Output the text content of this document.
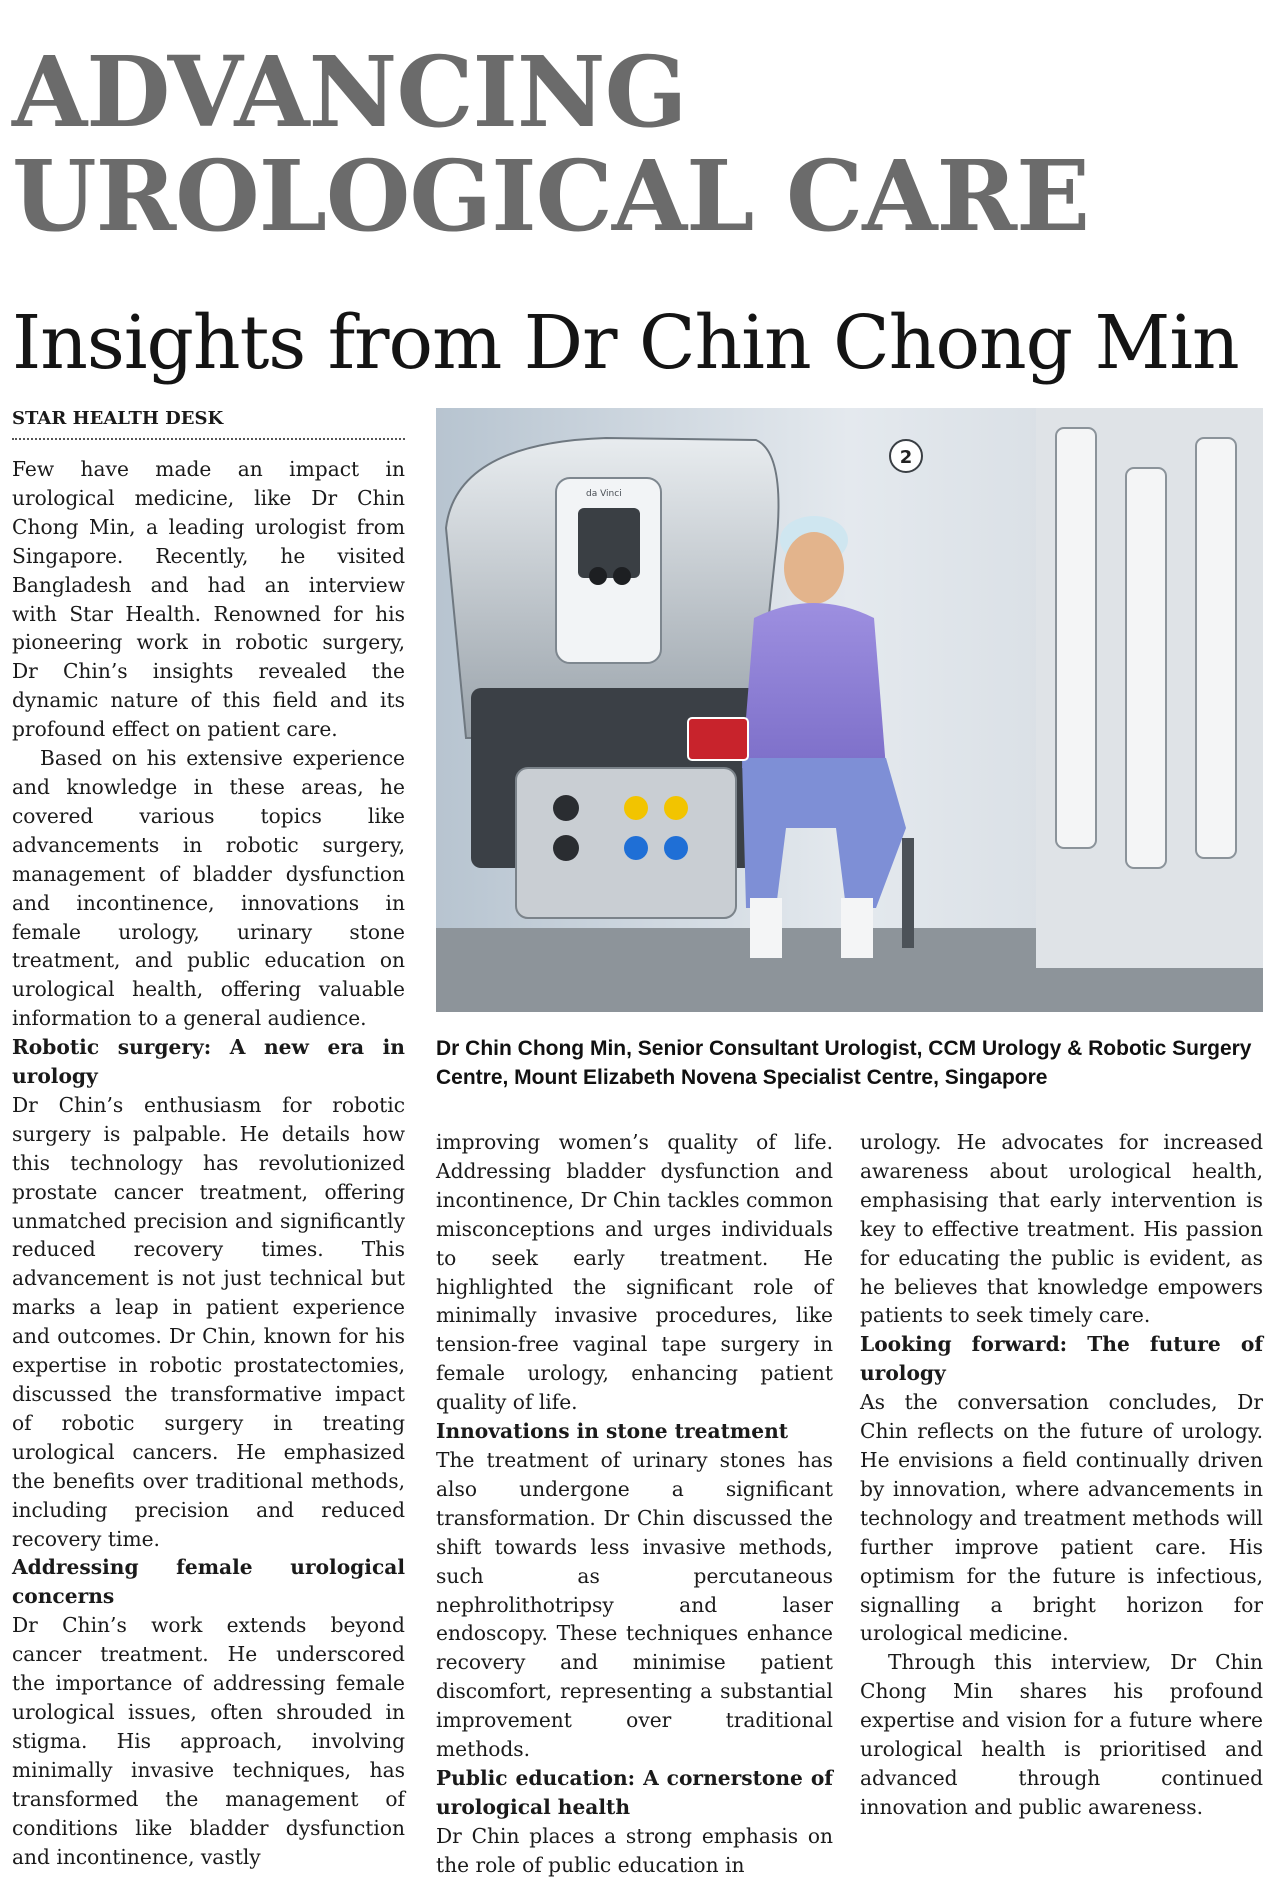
ADVANCING
UROLOGICAL CARE
Insights from Dr Chin Chong Min
STAR HEALTH DESK

Few have made an impact in urological medicine, like Dr Chin Chong Min, a leading urologist from Singapore. Recently, he visited Bangladesh and had an interview with Star Health. Renowned for his pioneering work in robotic surgery, Dr Chin’s insights revealed the dynamic nature of this field and its profound effect on patient care.

Based on his extensive experience and knowledge in these areas, he covered various topics like advancements in robotic surgery, management of bladder dysfunction and incontinence, innovations in female urology, urinary stone treatment, and public education on urological health, offering valuable information to a general audience.

Robotic surgery: A new era in urology

Dr Chin’s enthusiasm for robotic surgery is palpable. He details how this technology has revolutionized prostate cancer treatment, offering unmatched precision and significantly reduced recovery times. This advancement is not just technical but marks a leap in patient experience and outcomes. Dr Chin, known for his expertise in robotic prostatectomies, discussed the transformative impact of robotic surgery in treating urological cancers. He emphasized the benefits over traditional methods, including precision and reduced recovery time.

Addressing female urological concerns

Dr Chin’s work extends beyond cancer treatment. He underscored the importance of addressing female urological issues, often shrouded in stigma. His approach, involving minimally invasive techniques, has transformed the management of conditions like bladder dysfunction and incontinence, vastly

da Vinci
2
Dr Chin Chong Min, Senior Consultant Urologist, CCM Urology & Robotic Surgery Centre, Mount Elizabeth Novena Specialist Centre, Singapore

improving women’s quality of life. Addressing bladder dysfunction and incontinence, Dr Chin tackles common misconceptions and urges individuals to seek early treatment. He highlighted the significant role of minimally invasive procedures, like tension-free vaginal tape surgery in female urology, enhancing patient quality of life.

Innovations in stone treatment

The treatment of urinary stones has also undergone a significant transformation. Dr Chin discussed the shift towards less invasive methods, such as percutaneous nephrolithotripsy and laser endoscopy. These techniques enhance recovery and minimise patient discomfort, representing a substantial improvement over traditional methods.

Public education: A cornerstone of urological health

Dr Chin places a strong emphasis on the role of public education in

urology. He advocates for increased awareness about urological health, emphasising that early intervention is key to effective treatment. His passion for educating the public is evident, as he believes that knowledge empowers patients to seek timely care.

Looking forward: The future of urology

As the conversation concludes, Dr Chin reflects on the future of urology. He envisions a field continually driven by innovation, where advancements in technology and treatment methods will further improve patient care. His optimism for the future is infectious, signalling a bright horizon for urological medicine.

Through this interview, Dr Chin Chong Min shares his profound expertise and vision for a future where urological health is prioritised and advanced through continued innovation and public awareness.
